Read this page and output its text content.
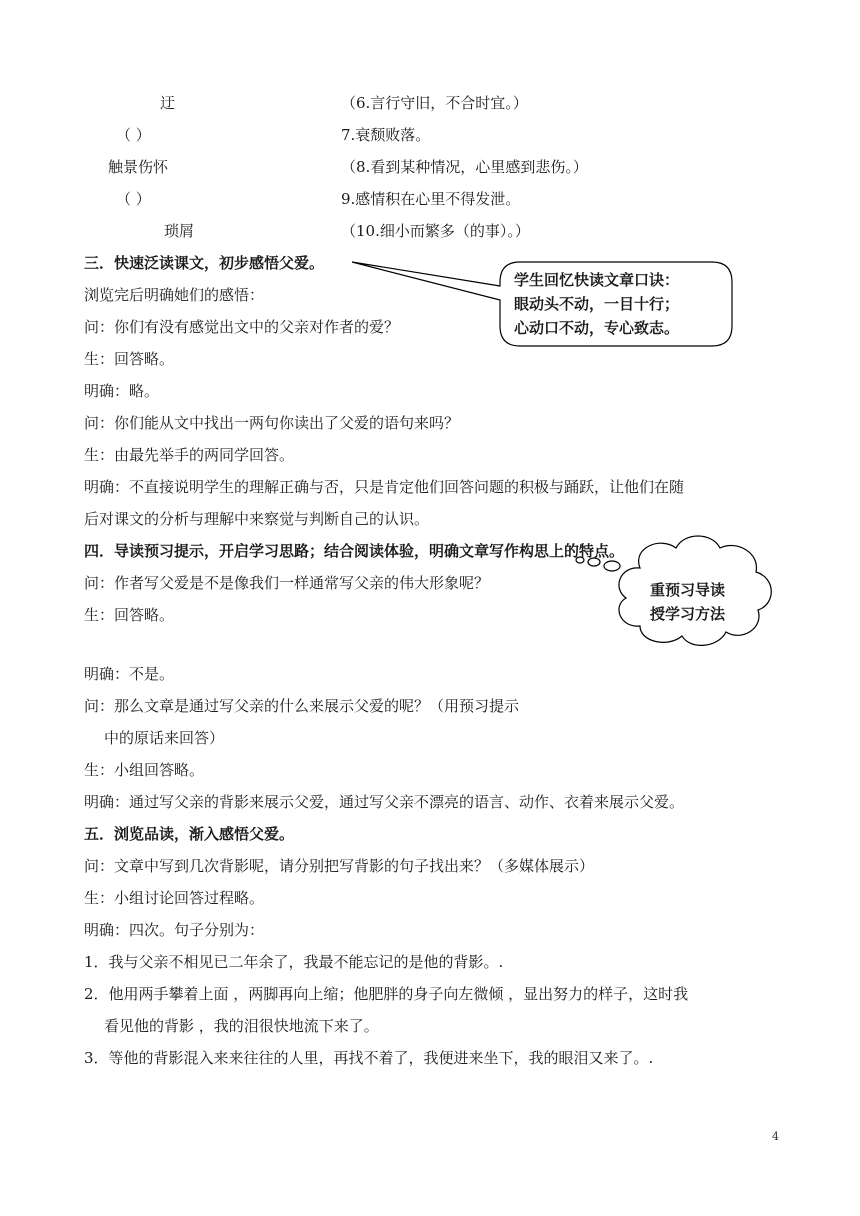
迂	（6.言行守旧，不合时宜。）
（ ）	7.衰颓败落。
触景伤怀	（8.看到某种情况，心里感到悲伤。）
（ ）	9.感情积在心里不得发泄。
琐屑	（10.细小而繁多（的事）。）
三．快速泛读课文，初步感悟父爱。
浏览完后明确她们的感悟：
问：你们有没有感觉出文中的父亲对作者的爱？
生：回答略。
明确：略。
问：你们能从文中找出一两句你读出了父爱的语句来吗？
生：由最先举手的两同学回答。
明确：不直接说明学生的理解正确与否，只是肯定他们回答问题的积极与踊跃，让他们在随
后对课文的分析与理解中来察觉与判断自己的认识。
学生回忆快读文章口诀：
眼动头不动，一目十行；
心动口不动，专心致志。
四．导读预习提示，开启学习思路；结合阅读体验，明确文章写作构思上的特点。
问：作者写父爱是不是像我们一样通常写父亲的伟大形象呢？
生：回答略。
重预习导读
授学习方法
明确：不是。
问：那么文章是通过写父亲的什么来展示父爱的呢？（用预习提示
中的原话来回答）
生：小组回答略。
明确：通过写父亲的背影来展示父爱，通过写父亲不漂亮的语言、动作、衣着来展示父爱。
五．浏览品读，渐入感悟父爱。
问：文章中写到几次背影呢，请分别把写背影的句子找出来？（多媒体展示）
生：小组讨论回答过程略。
明确：四次。句子分别为：
1．我与父亲不相见已二年余了，我最不能忘记的是他的背影。.
2．他用两手攀着上面 ，两脚再向上缩；他肥胖的身子向左微倾 ，显出努力的样子，这时我
看见他的背影 ，我的泪很快地流下来了。
3．等他的背影混入来来往往的人里，再找不着了，我便进来坐下，我的眼泪又来了。.
4
